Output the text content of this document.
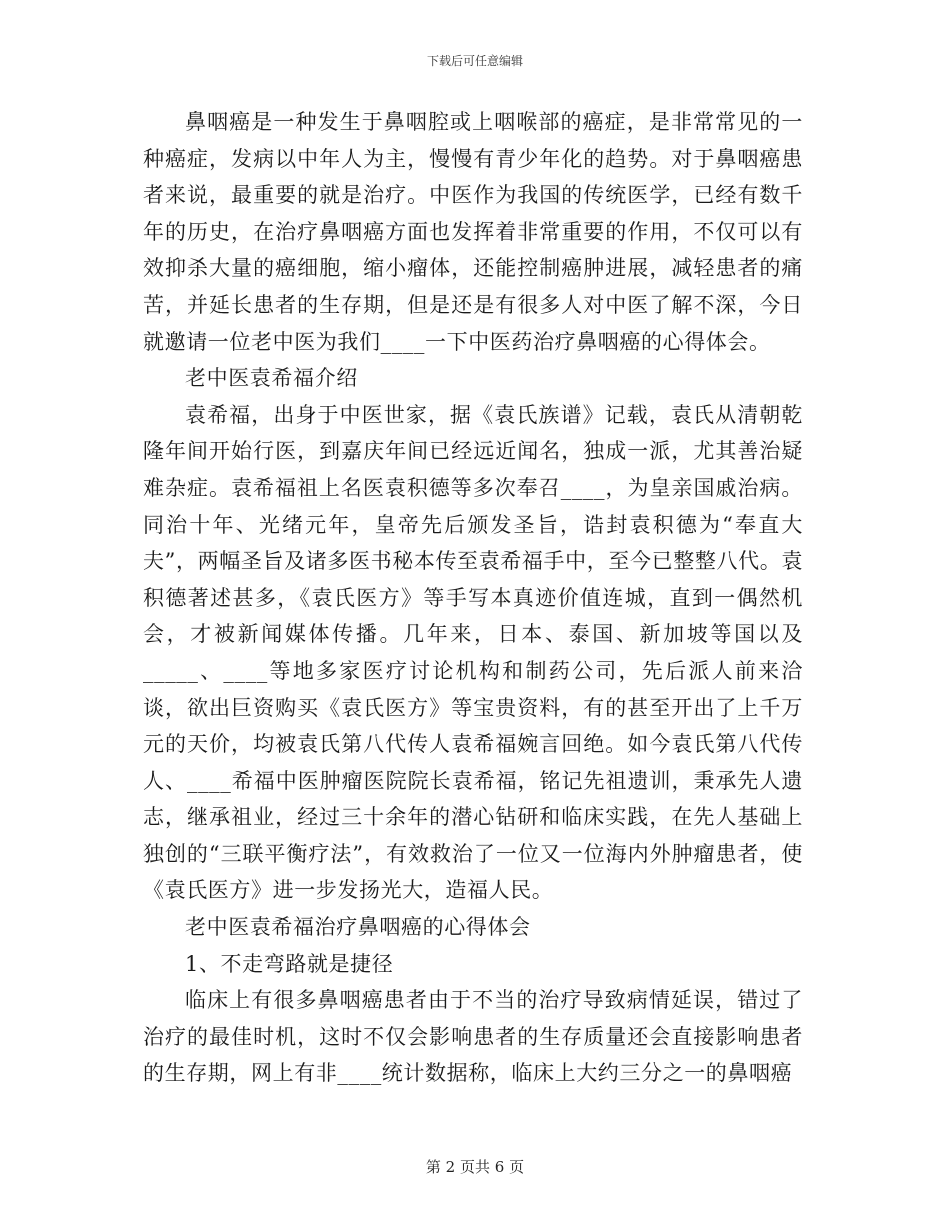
下载后可任意编辑

鼻咽癌是一种发生于鼻咽腔或上咽喉部的癌症，是非常常见的一种癌症，发病以中年人为主，慢慢有青少年化的趋势。对于鼻咽癌患者来说，最重要的就是治疗。中医作为我国的传统医学，已经有数千年的历史，在治疗鼻咽癌方面也发挥着非常重要的作用，不仅可以有效抑杀大量的癌细胞，缩小瘤体，还能控制癌肿进展，减轻患者的痛苦，并延长患者的生存期，但是还是有很多人对中医了解不深，今日就邀请一位老中医为我们____一下中医药治疗鼻咽癌的心得体会。

老中医袁希福介绍

袁希福，出身于中医世家，据《袁氏族谱》记载，袁氏从清朝乾隆年间开始行医，到嘉庆年间已经远近闻名，独成一派，尤其善治疑难杂症。袁希福祖上名医袁积德等多次奉召____，为皇亲国戚治病。同治十年、光绪元年，皇帝先后颁发圣旨，诰封袁积德为“奉直大夫”，两幅圣旨及诸多医书秘本传至袁希福手中，至今已整整八代。袁积德著述甚多，《袁氏医方》等手写本真迹价值连城，直到一偶然机会，才被新闻媒体传播。几年来，日本、泰国、新加坡等国以及_____、____等地多家医疗讨论机构和制药公司，先后派人前来洽谈，欲出巨资购买《袁氏医方》等宝贵资料，有的甚至开出了上千万元的天价，均被袁氏第八代传人袁希福婉言回绝。如今袁氏第八代传人、____希福中医肿瘤医院院长袁希福，铭记先祖遗训，秉承先人遗志，继承祖业，经过三十余年的潜心钻研和临床实践，在先人基础上独创的“三联平衡疗法”，有效救治了一位又一位海内外肿瘤患者，使《袁氏医方》进一步发扬光大，造福人民。

老中医袁希福治疗鼻咽癌的心得体会

1、不走弯路就是捷径

临床上有很多鼻咽癌患者由于不当的治疗导致病情延误，错过了治疗的最佳时机，这时不仅会影响患者的生存质量还会直接影响患者的生存期，网上有非____统计数据称，临床上大约三分之一的鼻咽癌

第 2 页共 6 页
